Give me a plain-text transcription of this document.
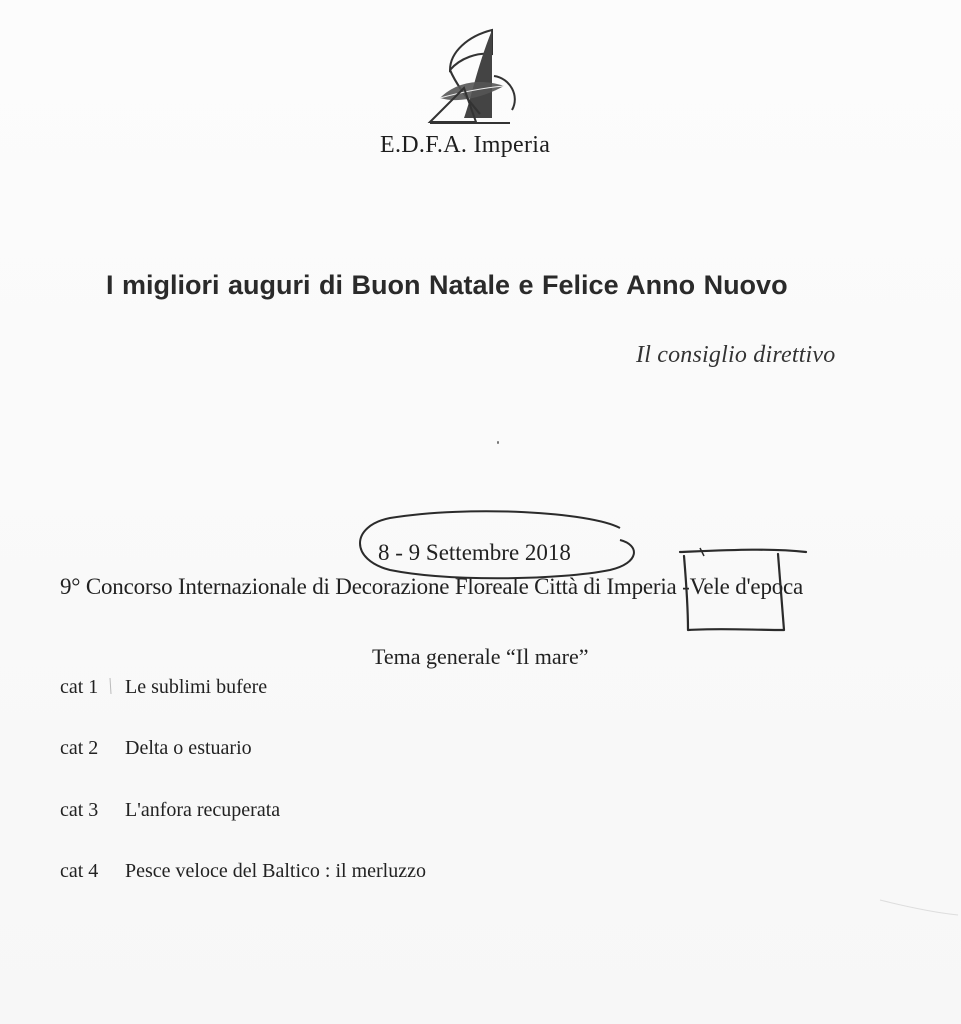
E.D.F.A. Imperia
I migliori auguri di Buon Natale e Felice Anno Nuovo
Il consiglio direttivo
8 - 9 Settembre 2018
9° Concorso Internazionale di Decorazione Floreale Città di Imperia -Vele d'epoca
Tema generale “Il mare”
cat 1 Le sublimi bufere
cat 2 Delta o estuario
cat 3 L'anfora recuperata
cat 4 Pesce veloce del Baltico : il merluzzo
